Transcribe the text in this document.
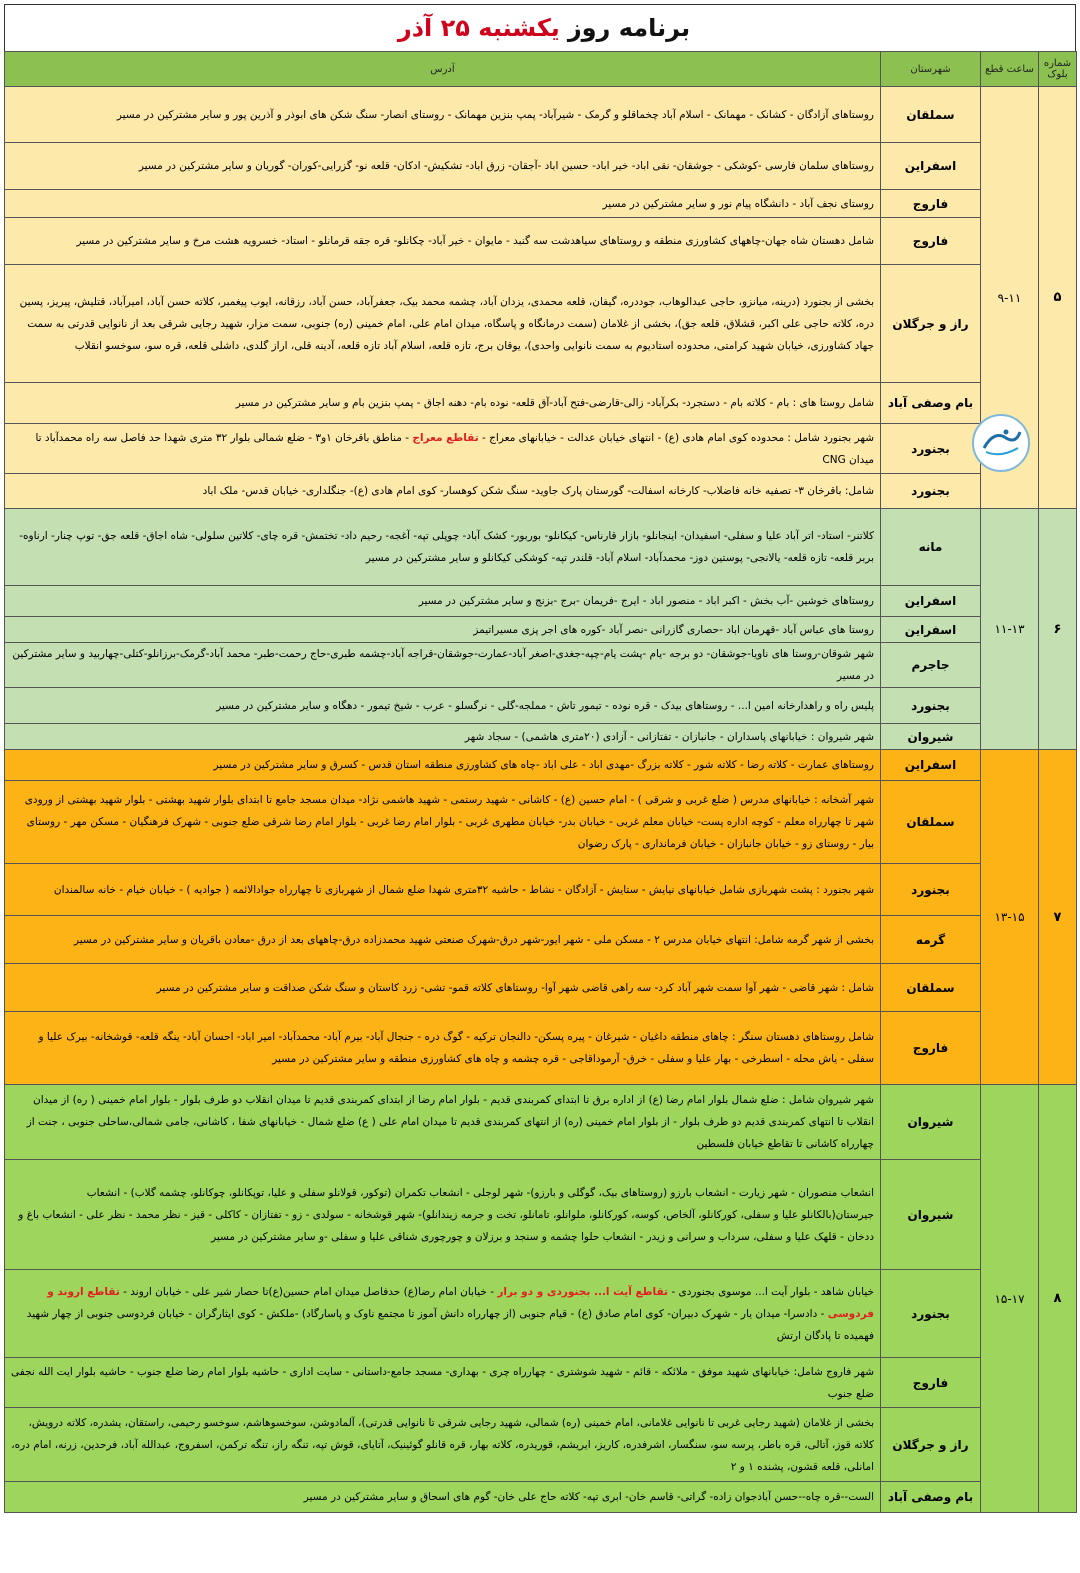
برنامه روز
یکشنبه ۲۵ آذر
شماره بلوک	ساعت قطع	شهرستان	آدرس
۵	۹-۱۱	سملقان	روستاهای آزادگان - کشانک - مهمانک - اسلام آباد چخماقلو و گرمک - شیرآباد- پمپ بنزین مهمانک - روستای انصار- سنگ شکن های ابوذر و آذرین پور و سایر مشترکین در مسیر
		اسفراین	روستاهای سلمان فارسی -کوشکی - جوشقان- نقی اباد- خیر اباد- حسین اباد -آجقان- زرق اباد- تشکیش- ادکان- قلعه نو- گزرایی-کوران- گوریان و سایر مشترکین در مسیر
		فاروج	روستای نجف آباد - دانشگاه پیام نور و سایر مشترکین در مسیر
		فاروج	شامل دهستان شاه جهان-چاههای کشاورزی منطقه و روستاهای سیاهدشت سه گنبد - مایوان - خیر آباد- چکانلو- قره جقه قرمانلو - استاد- خسرویه هشت مرخ و سایر مشترکین در مسیر
		راز و جرگلان	بخشی از بجنورد (درینه، میانزو، حاجی عبدالوهاب، جوددره، گیفان، قلعه محمدی، یزدان آباد، چشمه محمد بیک، جعفرآباد، حسن آباد، رزقانه، ایوب پیغمبر، کلاته حسن آباد، امیرآباد، قتلیش، پیریز، پسین دره، کلاته حاجی علی اکبر، قشلاق، قلعه جق)، بخشی از غلامان (سمت درمانگاه و پاسگاه، میدان امام علی، امام خمینی (ره) جنوبی، سمت مزار، شهید رجایی شرقی بعد از نانوایی قدرتی به سمت جهاد کشاورزی، خیابان شهید کرامتی، محدوده استادیوم به سمت نانوایی واحدی)، یوقان برج، تازه قلعه، اسلام آباد تازه قلعه، آدینه قلی، اراز گلدی، داشلی قلعه، قره سو، سوخسو انقلاب
		بام وصفی آباد	شامل روستا های : بام - کلاته بام - دستجرد- بکرآباد- زالی-قارضی-فتح آباد-آق قلعه- نوده بام- دهنه اجاق - پمپ بنزین بام و سایر مشترکین در مسیر
		بجنورد	شهر بجنورد شامل : محدوده کوی امام هادی (ع) - انتهای خیابان عدالت - خیابانهای معراج - تقاطع معراج - مناطق باقرخان ۱و۳ - ضلع شمالی بلوار ۳۲ متری شهدا حد فاصل سه راه محمدآباد تا میدان CNG
		بجنورد	شامل: باقرخان ۳- تصفیه خانه فاضلاب- کارخانه اسفالت- گورستان پارک جاوید- سنگ شکن کوهسار- کوی امام هادی (ع)- جنگلداری- خیابان قدس- ملک اباد
۶	۱۱-۱۳	مانه	کلاتنر- استاد- اتر آباد علیا و سفلی- اسفیدان- اینجانلو- بازار قارناس- کیکانلو- بوربور- کشک آباد- چوپلی تپه- آغجه- رحیم داد- تختمش- قره چای- کلاتین سلولی- شاه اجاق- قلعه جق- توپ چنار- ارناوه- بربر قلعه- تازه قلعه- یالانجی- پوستین دوز- محمدآباد- اسلام آباد- قلندر تپه- کوشکی کیکانلو و سایر مشترکین در مسیر
		اسفراین	روستاهای خوشین -آب بخش - اکبر اباد - منصور اباد - ایرج -فریمان -برج -بزنج و سایر مشترکین در مسیر
		اسفراین	روستا های عباس آباد -قهرمان اباد -حصاری گازرانی -نصر آباد -کوره های اجر پزی مسیراتیمز
		جاجرم	شهر شوقان-روستا های ناویا-جوشقان- دو برجه -یام -پشت یام-چپه-جغدی-اصغر آباد-عمارت-جوشقان-قراجه آباد-چشمه طبری-حاج رحمت-طبر- محمد آباد-گرمک-برزانلو-کتلی-چهاربید و سایر مشترکین در مسیر
		بجنورد	پلیس راه و راهدارخانه امین ا... - روستاهای بیدک - قره نوده - تیمور تاش - مملجه-گلی - نرگسلو - عرب - شیخ تیمور - دهگاه و سایر مشترکین در مسیر
		شیروان	شهر شیروان : خیابانهای پاسداران - جانبازان - تفتازانی - آزادی (۲۰متری هاشمی) - سجاد شهر
۷	۱۳-۱۵	اسفراین	روستاهای عمارت - کلاته رضا - کلاته شور - کلاته بزرگ -مهدی اباد - علی اباد -چاه های کشاورزی منطقه استان قدس - کسرق و سایر مشترکین در مسیر
		سملقان	شهر آشخانه : خیابانهای مدرس ( ضلع غربی و شرقی ) - امام حسین (ع) - کاشانی - شهید رستمی - شهید هاشمی نژاد- میدان مسجد جامع تا ابتدای بلوار شهید بهشتی - بلوار شهید بهشتی از ورودی شهر تا چهارراه معلم - کوچه اداره پست- خیابان معلم غربی - خیابان بدر- خیابان مطهری غربی - بلوار امام رضا غربی - بلوار امام رضا شرقی ضلع جنوبی - شهرک فرهنگیان - مسکن مهر - روستای بیار - روستای زو - خیابان جانبازان - خیابان فرمانداری - پارک رضوان
		بجنورد	شهر بجنورد : پشت شهربازی شامل خیابانهای نیایش - ستایش - آزادگان - نشاط - حاشیه ۳۲متری شهدا ضلع شمال از شهربازی تا چهارراه جوادالائمه ( جوادیه ) - خیابان خیام - خانه سالمندان
		گرمه	بخشی از شهر گرمه شامل: انتهای خیابان مدرس ۲ - مسکن ملی - شهر ایور-شهر درق-شهرک صنعتی شهید محمدزاده درق-چاههای بعد از درق -معادن باقریان و سایر مشترکین در مسیر
		سملقان	شامل : شهر قاضی - شهر آوا سمت شهر آباد کرد- سه راهی قاضی شهر آوا- روستاهای کلاته قمو- تشی- زرد کاستان و سنگ شکن صداقت و سایر مشترکین در مسیر
		فاروج	شامل روستاهای دهستان سنگر : چاهای منطقه داغیان - شیرغان - پیره پسکن- دالنجان ترکیه - گوگ دره - جنجال آباد- بیرم آباد- محمدآباد- امیر اباد- احسان آباد- ینگه قلعه- قوشخانه- بیرک علیا و سفلی - یاش محله - اسطرخی - بهار علیا و سفلی - خرق- آرموداقاجی - قره چشمه و چاه های کشاورزی منطقه و سایر مشترکین در مسیر
۸	۱۵-۱۷	شیروان	شهر شیروان شامل : ضلع شمال بلوار امام رضا (ع) از اداره برق تا ابتدای کمربندی قدیم - بلوار امام رضا از ابتدای کمربندی قدیم تا میدان انقلاب دو طرف بلوار - بلوار امام خمینی ( ره) از میدان انقلاب تا انتهای کمربندی قدیم دو طرف بلوار - از بلوار امام خمینی (ره) از انتهای کمربندی قدیم تا میدان امام علی ( ع) ضلع شمال - خیابانهای شفا ، کاشانی، جامی شمالی،ساحلی جنوبی ، جنت از چهارراه کاشانی تا تقاطع خیابان فلسطین
		شیروان	انشعاب منصوران - شهر زیارت - انشعاب بارزو (روستاهای بیک، گوگلی و بارزو)- شهر لوجلی - انشعاب تکمران (توکور، قولانلو سفلی و علیا، توپکانلو، چوکانلو، چشمه گلاب) - انشعاب جیرستان(بالکانلو علیا و سفلی، کورکانلو، آلخاص، کوسه، کورکانلو، ملوانلو، تامانلو، تخت و جرمه زیندانلو)- شهر قوشخانه - سولدی - زو - تفتازان - کاکلی - قیز - نظر محمد - نظر علی - انشعاب باغ و ددخان - قلهک علیا و سفلی، سرداب و سرانی و زیدر - انشعاب حلوا چشمه و سنجد و برزلان و چورچوری شناقی علیا و سفلی -و سایر مشترکین در مسیر
		بجنورد	خیابان شاهد - بلوار آیت ا... موسوی بجنوردی - تقاطع آیت ا... بجنوردی و دو برار - خیابان امام رضا(ع) حدفاصل میدان امام حسین(ع)تا حصار شیر علی - خیابان اروند - تقاطع اروند و فردوسی - دادسرا- میدان یار - شهرک دبیران- کوی امام صادق (ع) - قیام جنوبی (از چهارراه دانش آموز تا مجتمع ناوک و پاسارگاد) -ملکش - کوی ایثارگران - خیابان فردوسی جنوبی از چهار شهید فهمیده تا پادگان ارتش
		فاروج	شهر فاروج شامل: خیابانهای شهید موفق - ملائکه - قائم - شهید شوشتری - چهارراه چری - بهداری- مسجد جامع-داستانی - سایت اداری - حاشیه بلوار امام رضا ضلع جنوب - حاشیه بلوار ایت الله نجفی ضلع جنوب
		راز و جرگلان	بخشی از غلامان (شهید رجایی غربی تا نانوایی غلامانی، امام خمینی (ره) شمالی، شهید رجایی شرقی تا نانوایی قدرتی)، آلمادوشن، سوخسوهاشم، سوخسو رحیمی، راستقان، یشدره، کلاته درویش، کلاته قوز، آتالی، قره باطر، پرسه سو، سنگسار، اشرفدره، کاریز، ایریشم، قوریدره، کلاته بهار، قره قانلو گوئینیک، آتایای، قوش تپه، تنگه راز، تنگه ترکمن، اسفروج، عبدالله آباد، فرحدین، زرنه، امام دره، امانلی، قلعه قشون، پشنده ۱ و ۲
		بام وصفی آباد	الست--قره چاه--حسن آبادجوان زاده- گراتی- قاسم خان- ابری تپه- کلاته حاج علی خان- گوم های اسحاق و سایر مشترکین در مسیر
